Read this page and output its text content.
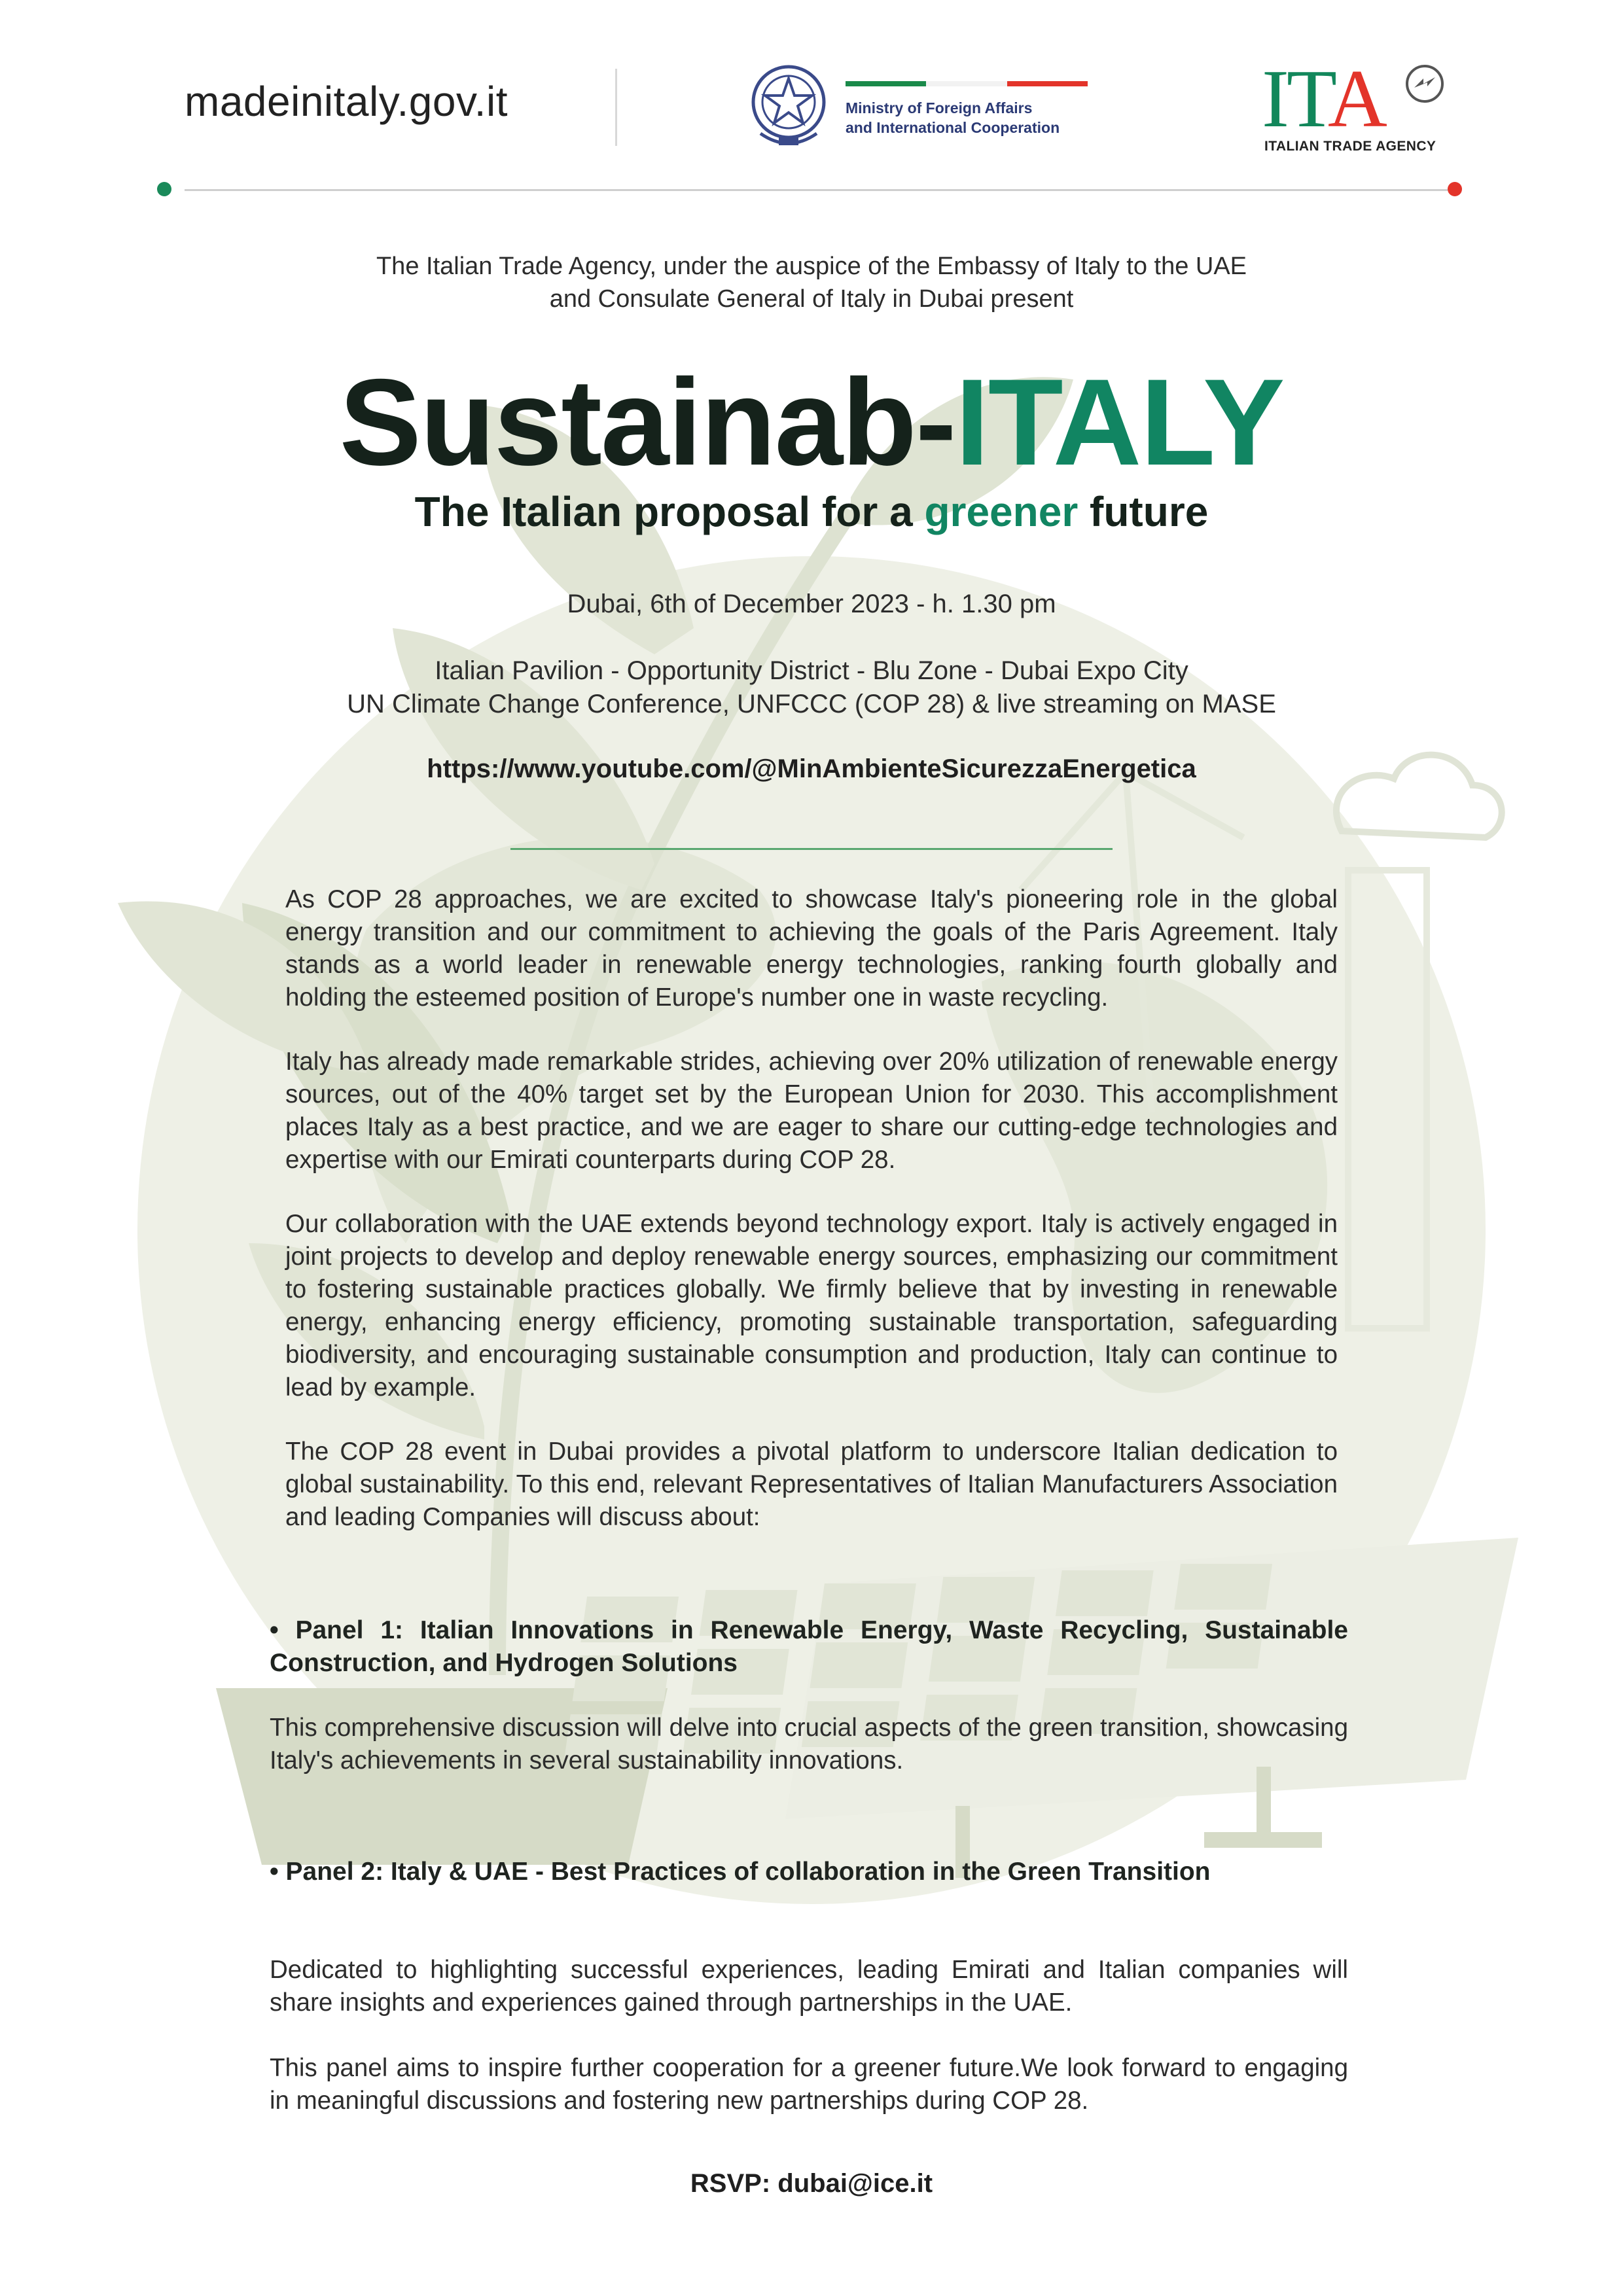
madeinitaly.gov.it	Ministry of Foreign Affairs
and International Cooperation ITA
ITALIAN TRADE AGENCY
The Italian Trade Agency, under the auspice of the Embassy of Italy to the UAE
and Consulate General of Italy in Dubai present
Sustainab-ITALY
The Italian proposal for a greener future
Dubai, 6th of December 2023 - h. 1.30 pm
Italian Pavilion - Opportunity District - Blu Zone - Dubai Expo City
UN Climate Change Conference, UNFCCC (COP 28) & live streaming on MASE
https://www.youtube.com/@MinAmbienteSicurezzaEnergetica
As COP 28 approaches, we are excited to showcase Italy's pioneering role in the global energy transition and our commitment to achieving the goals of the Paris Agreement. Italy stands as a world leader in renewable energy technologies, ranking fourth globally and holding the esteemed position of Europe's number one in waste recycling.
Italy has already made remarkable strides, achieving over 20% utilization of renewable energy sources, out of the 40% target set by the European Union for 2030. This accomplishment places Italy as a best practice, and we are eager to share our cutting-edge technologies and expertise with our Emirati counterparts during COP 28.
Our collaboration with the UAE extends beyond technology export. Italy is actively engaged in joint projects to develop and deploy renewable energy sources, emphasizing our commitment to fostering sustainable practices globally. We firmly believe that by investing in renewable energy, enhancing energy efficiency, promoting sustainable transportation, safeguarding biodiversity, and encouraging sustainable consumption and production, Italy can continue to lead by example.
The COP 28 event in Dubai provides a pivotal platform to underscore Italian dedication to global sustainability. To this end, relevant Representatives of Italian Manufacturers Association and leading Companies will discuss about:
• Panel 1: Italian Innovations in Renewable Energy, Waste Recycling, Sustainable Construction, and Hydrogen Solutions
This comprehensive discussion will delve into crucial aspects of the green transition, showcasing Italy's achievements in several sustainability innovations.
• Panel 2: Italy & UAE - Best Practices of collaboration in the Green Transition
Dedicated to highlighting successful experiences, leading Emirati and Italian companies will share insights and experiences gained through partnerships in the UAE.
This panel aims to inspire further cooperation for a greener future.We look forward to engaging in meaningful discussions and fostering new partnerships during COP 28.
RSVP: dubai@ice.it
